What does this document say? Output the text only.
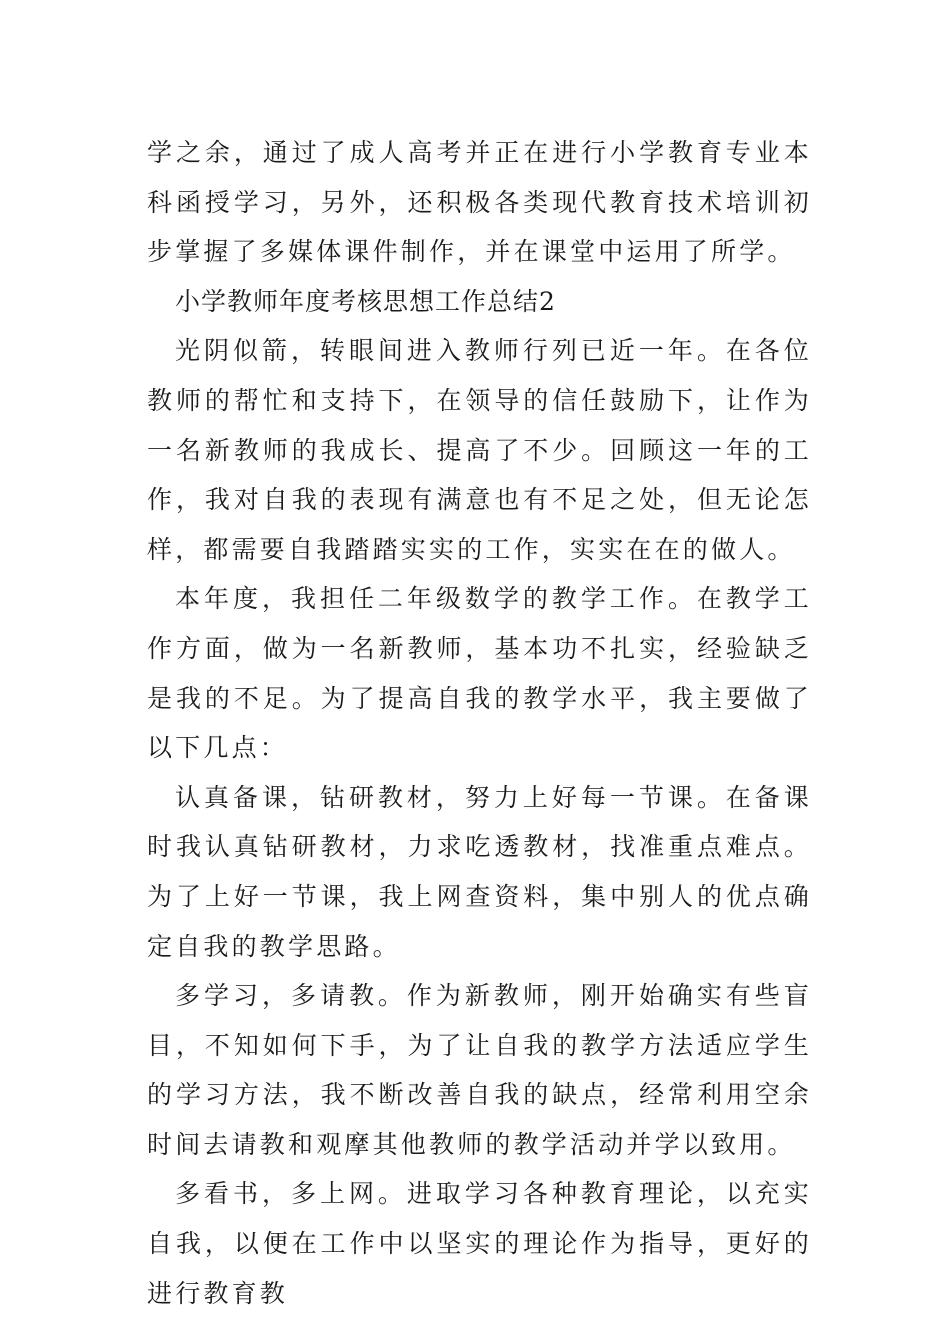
学之余，通过了成人高考并正在进行小学教育专业本科函授学习，另外，还积极各类现代教育技术培训初步掌握了多媒体课件制作，并在课堂中运用了所学。

小学教师年度考核思想工作总结2

光阴似箭，转眼间进入教师行列已近一年。在各位教师的帮忙和支持下，在领导的信任鼓励下，让作为一名新教师的我成长、提高了不少。回顾这一年的工作，我对自我的表现有满意也有不足之处，但无论怎样，都需要自我踏踏实实的工作，实实在在的做人。

本年度，我担任二年级数学的教学工作。在教学工作方面，做为一名新教师，基本功不扎实，经验缺乏是我的不足。为了提高自我的教学水平，我主要做了以下几点：

认真备课，钻研教材，努力上好每一节课。在备课时我认真钻研教材，力求吃透教材，找准重点难点。为了上好一节课，我上网查资料，集中别人的优点确定自我的教学思路。

多学习，多请教。作为新教师，刚开始确实有些盲目，不知如何下手，为了让自我的教学方法适应学生的学习方法，我不断改善自我的缺点，经常利用空余时间去请教和观摩其他教师的教学活动并学以致用。

多看书，多上网。进取学习各种教育理论，以充实自我，以便在工作中以坚实的理论作为指导，更好的进行教育教
